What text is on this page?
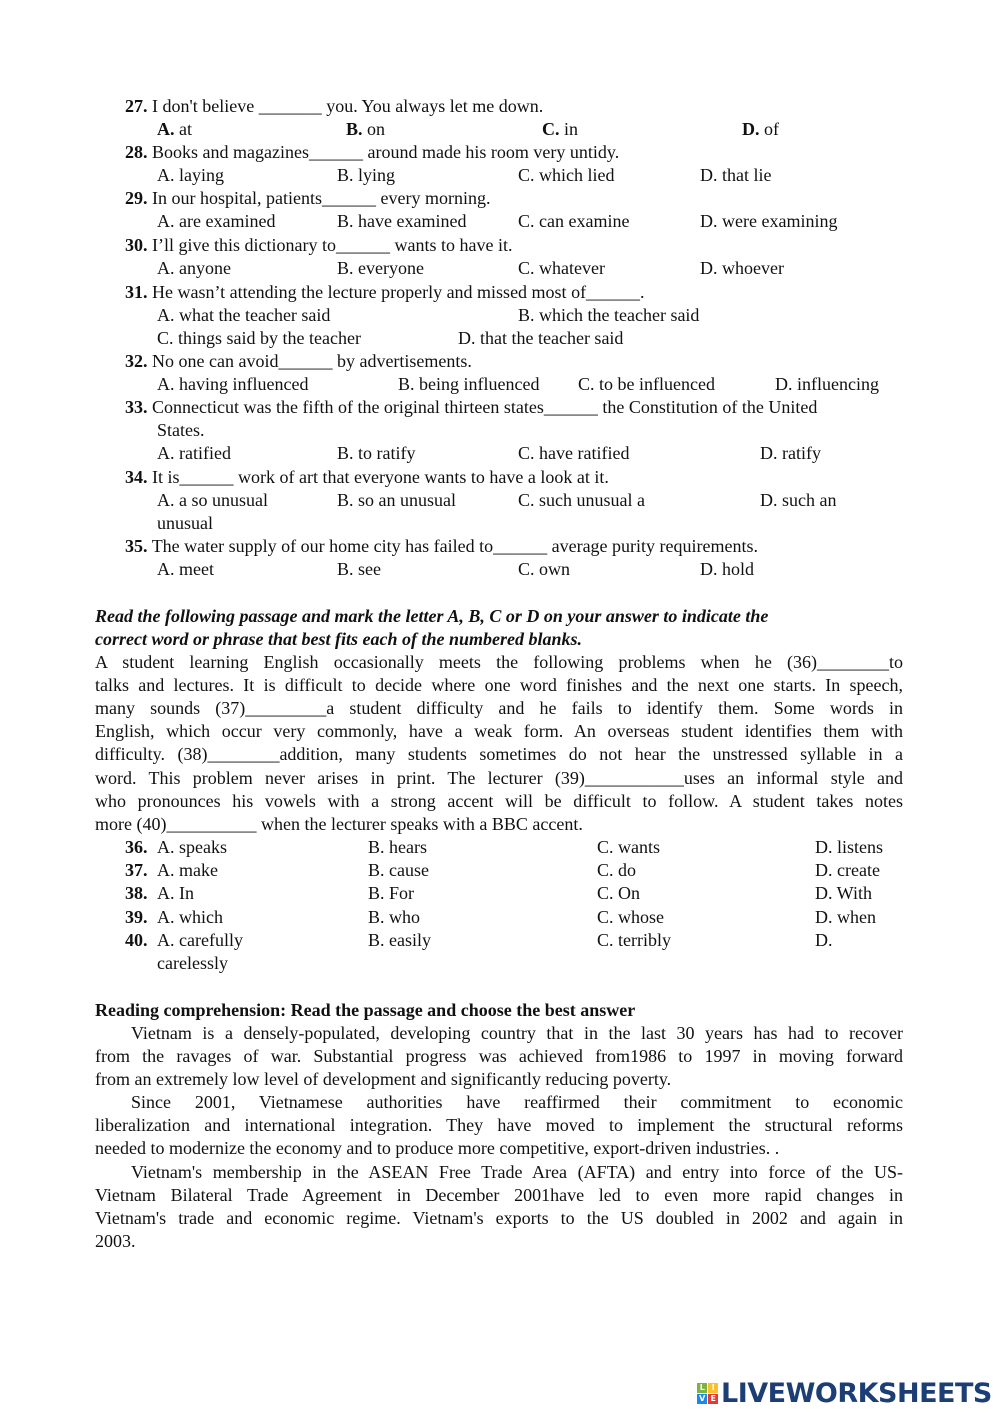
27. I don't believe _______ you. You always let me down.
A. at	B. on	C. in	D. of
28. Books and magazines______ around made his room very untidy.
A. laying	B. lying	C. which lied	D. that lie
29. In our hospital, patients______ every morning.
A. are examined	B. have examined	C. can examine	D. were examining
30. I’ll give this dictionary to______ wants to have it.
A. anyone	B. everyone	C. whatever	D. whoever
31. He wasn’t attending the lecture properly and missed most of______.
A. what the teacher said	B. which the teacher said
C. things said by the teacher	D. that the teacher said
32. No one can avoid______ by advertisements.
A. having influenced	B. being influenced C. to be influenced	D. influencing
33. Connecticut was the fifth of the original thirteen states______ the Constitution of the United
States.
A. ratified	B. to ratify	C. have ratified	D. ratify
34. It is______ work of art that everyone wants to have a look at it.
A. a so unusual	B. so an unusual	C. such unusual a	D. such an
unusual
35. The water supply of our home city has failed to______ average purity requirements.
A. meet	B. see	C. own	D. hold
Read the following passage and mark the letter A, B, C or D on your answer to indicate the
correct word or phrase that best fits each of the numbered blanks.
A student learning English occasionally meets the following problems when he (36)________to
talks and lectures. It is difficult to decide where one word finishes and the next one starts. In speech,
many sounds (37)_________a student difficulty and he fails to identify them. Some words in
English, which occur very commonly, have a weak form. An overseas student identifies them with
difficulty. (38)________addition, many students sometimes do not hear the unstressed syllable in a
word. This problem never arises in print. The lecturer (39)___________uses an informal style and
who pronounces his vowels with a strong accent will be difficult to follow. A student takes notes
more (40)__________ when the lecturer speaks with a BBC accent.
36. A. speaks	B. hears	C. wants	D. listens
37. A. make	B. cause	C. do	D. create
38. A. In	B. For	C. On	D. With
39. A. which	B. who	C. whose	D. when
40. A. carefully	B. easily	C. terribly	D.
carelessly
Reading comprehension: Read the passage and choose the best answer
Vietnam is a densely-populated, developing country that in the last 30 years has had to recover
from the ravages of war. Substantial progress was achieved from1986 to 1997 in moving forward
from an extremely low level of development and significantly reducing poverty.
Since 2001, Vietnamese authorities have reaffirmed their commitment to economic
liberalization and international integration. They have moved to implement the structural reforms
needed to modernize the economy and to produce more competitive, export-driven industries. .
Vietnam's membership in the ASEAN Free Trade Area (AFTA) and entry into force of the US-
Vietnam Bilateral Trade Agreement in December 2001have led to even more rapid changes in
Vietnam's trade and economic regime. Vietnam's exports to the US doubled in 2002 and again in
2003.
L I
V E LIVEWORKSHEETS
